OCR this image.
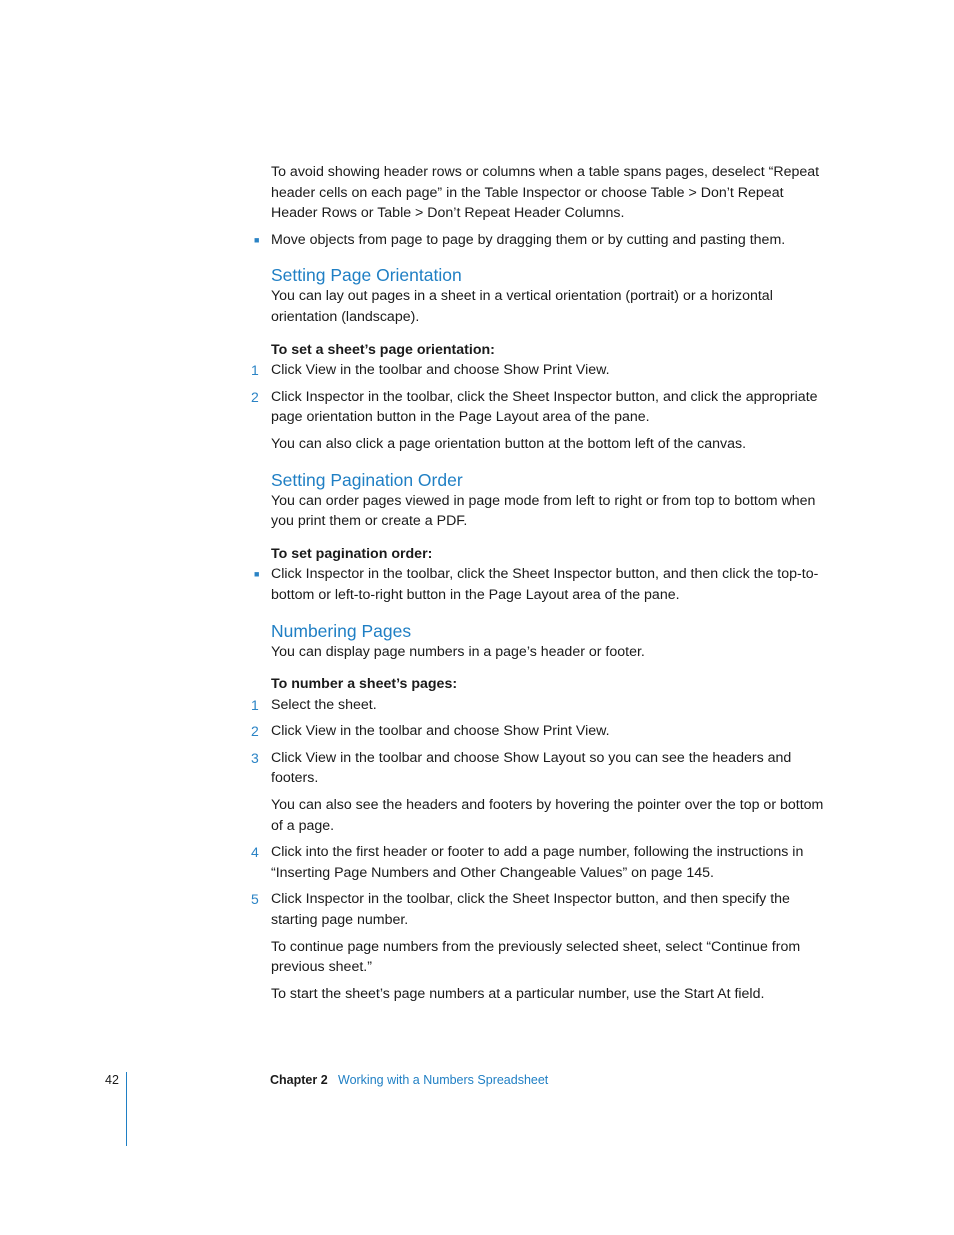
To avoid showing header rows or columns when a table spans pages, deselect “Repeat header cells on each page” in the Table Inspector or choose Table > Don’t Repeat Header Rows or Table > Don’t Repeat Header Columns.

■ Move objects from page to page by dragging them or by cutting and pasting them.

Setting Page Orientation

You can lay out pages in a sheet in a vertical orientation (portrait) or a horizontal orientation (landscape).

To set a sheet’s page orientation:

1 Click View in the toolbar and choose Show Print View.

2 Click Inspector in the toolbar, click the Sheet Inspector button, and click the appropriate page orientation button in the Page Layout area of the pane.

You can also click a page orientation button at the bottom left of the canvas.

Setting Pagination Order

You can order pages viewed in page mode from left to right or from top to bottom when you print them or create a PDF.

To set pagination order:

■ Click Inspector in the toolbar, click the Sheet Inspector button, and then click the top-to-bottom or left-to-right button in the Page Layout area of the pane.

Numbering Pages

You can display page numbers in a page’s header or footer.

To number a sheet’s pages:

1 Select the sheet.

2 Click View in the toolbar and choose Show Print View.

3 Click View in the toolbar and choose Show Layout so you can see the headers and footers.

You can also see the headers and footers by hovering the pointer over the top or bottom of a page.

4 Click into the first header or footer to add a page number, following the instructions in “Inserting Page Numbers and Other Changeable Values” on page 145.

5 Click Inspector in the toolbar, click the Sheet Inspector button, and then specify the starting page number.

To continue page numbers from the previously selected sheet, select “Continue from previous sheet.”

To start the sheet’s page numbers at a particular number, use the Start At field.

42	Chapter 2 Working with a Numbers Spreadsheet
